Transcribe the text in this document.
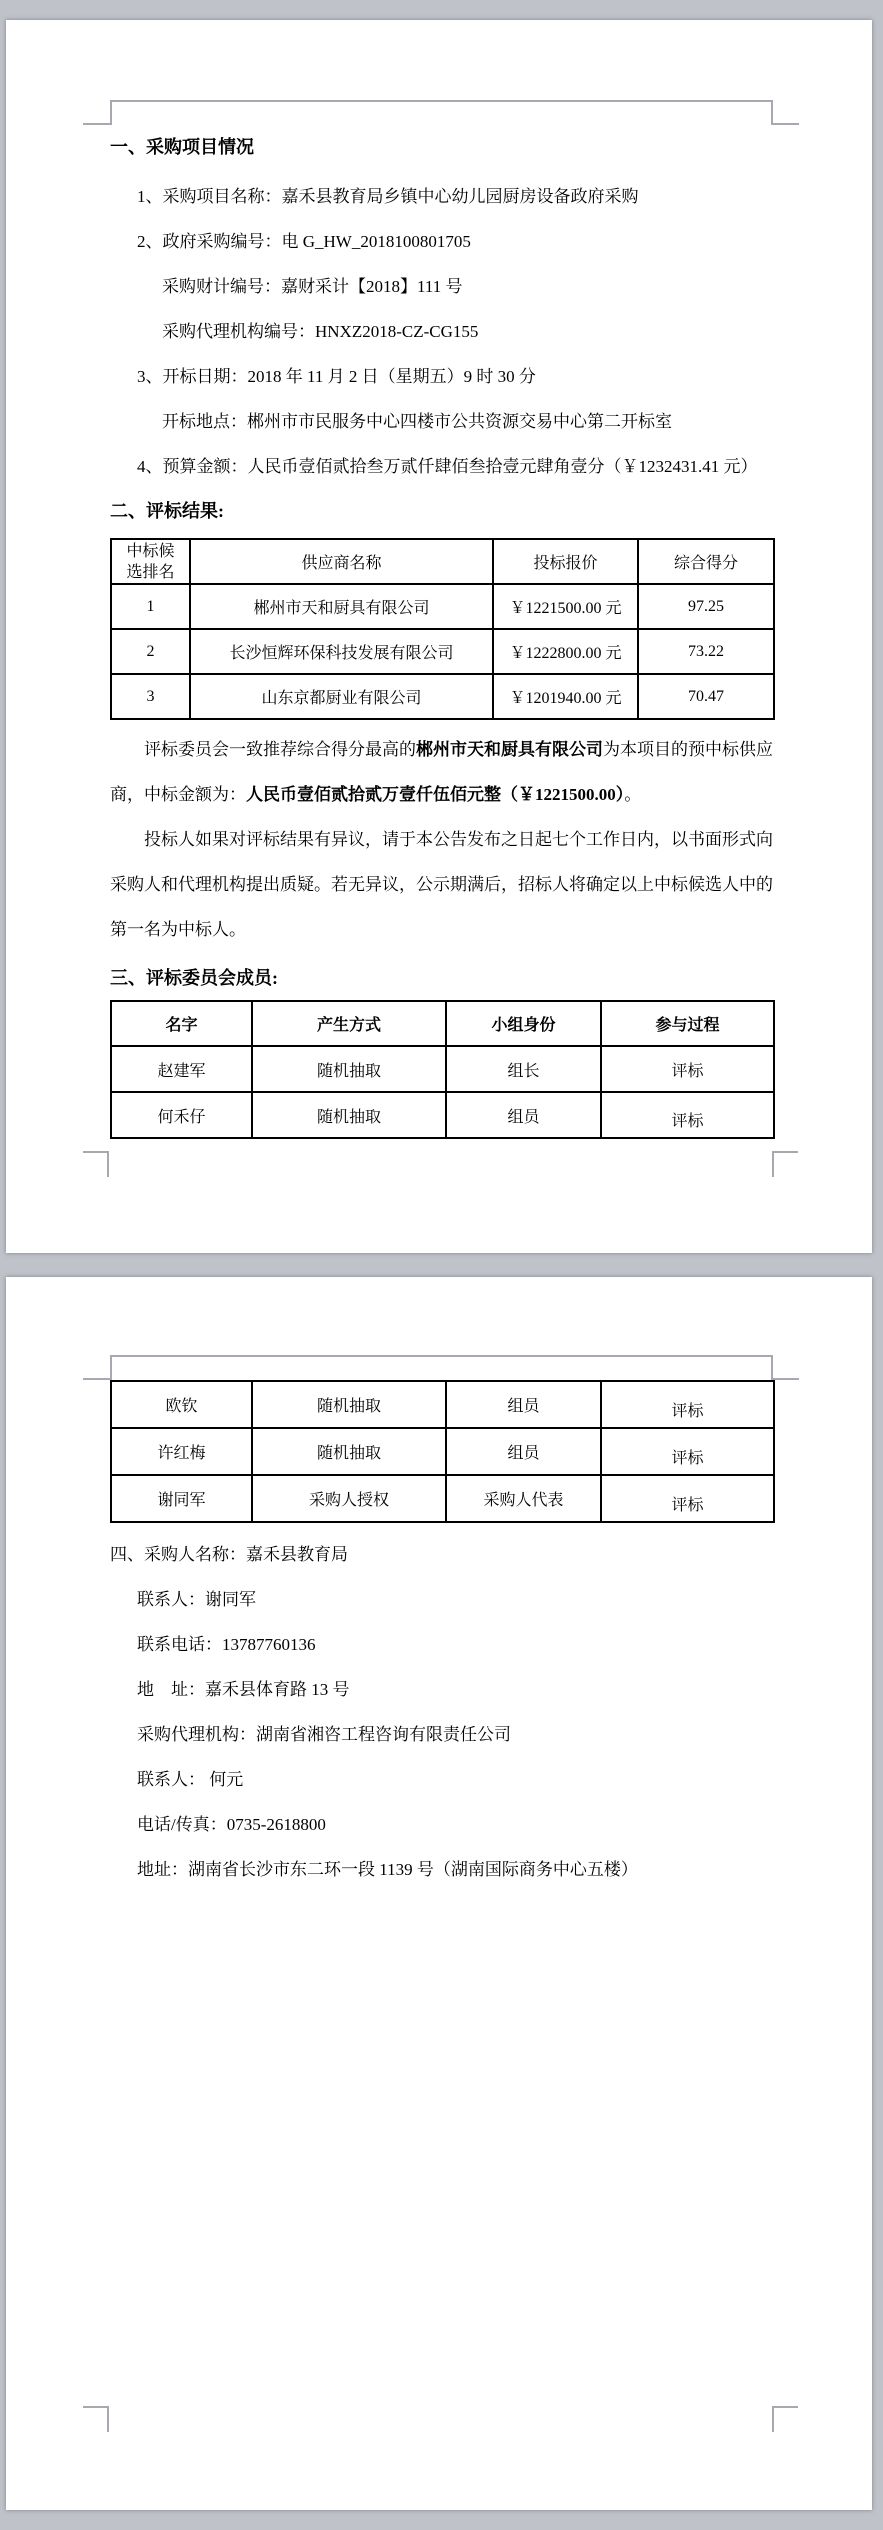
一、采购项目情况
1、采购项目名称：嘉禾县教育局乡镇中心幼儿园厨房设备政府采购
2、政府采购编号：电 G_HW_2018100801705
采购财计编号：嘉财采计【2018】111 号
采购代理机构编号：HNXZ2018-CZ-CG155
3、开标日期：2018 年 11 月 2 日（星期五）9 时 30 分
开标地点：郴州市市民服务中心四楼市公共资源交易中心第二开标室
4、预算金额：人民币壹佰贰拾叁万贰仟肆佰叁拾壹元肆角壹分（￥1232431.41 元）
二、评标结果:
中标候选排名	供应商名称	投标报价	综合得分
1	郴州市天和厨具有限公司	￥1221500.00 元	97.25
2	长沙恒辉环保科技发展有限公司	￥1222800.00 元	73.22
3	山东京都厨业有限公司	￥1201940.00 元	70.47

评标委员会一致推荐综合得分最高的郴州市天和厨具有限公司为本项目的预中标供应商，中标金额为：人民币壹佰贰拾贰万壹仟伍佰元整（￥1221500.00）。

投标人如果对评标结果有异议，请于本公告发布之日起七个工作日内，以书面形式向采购人和代理机构提出质疑。若无异议，公示期满后，招标人将确定以上中标候选人中的第一名为中标人。

三、评标委员会成员:
名字	产生方式	小组身份	参与过程
赵建军	随机抽取	组长	评标
何禾仔	随机抽取	组员	评标
欧钦	随机抽取	组员	评标
许红梅	随机抽取	组员	评标
谢同军	采购人授权	采购人代表	评标
四、采购人名称：嘉禾县教育局
联系人：谢同军
联系电话：13787760136
地　址：嘉禾县体育路 13 号
采购代理机构：湖南省湘咨工程咨询有限责任公司
联系人： 何元
电话/传真：0735-2618800
地址：湖南省长沙市东二环一段 1139 号（湖南国际商务中心五楼）
